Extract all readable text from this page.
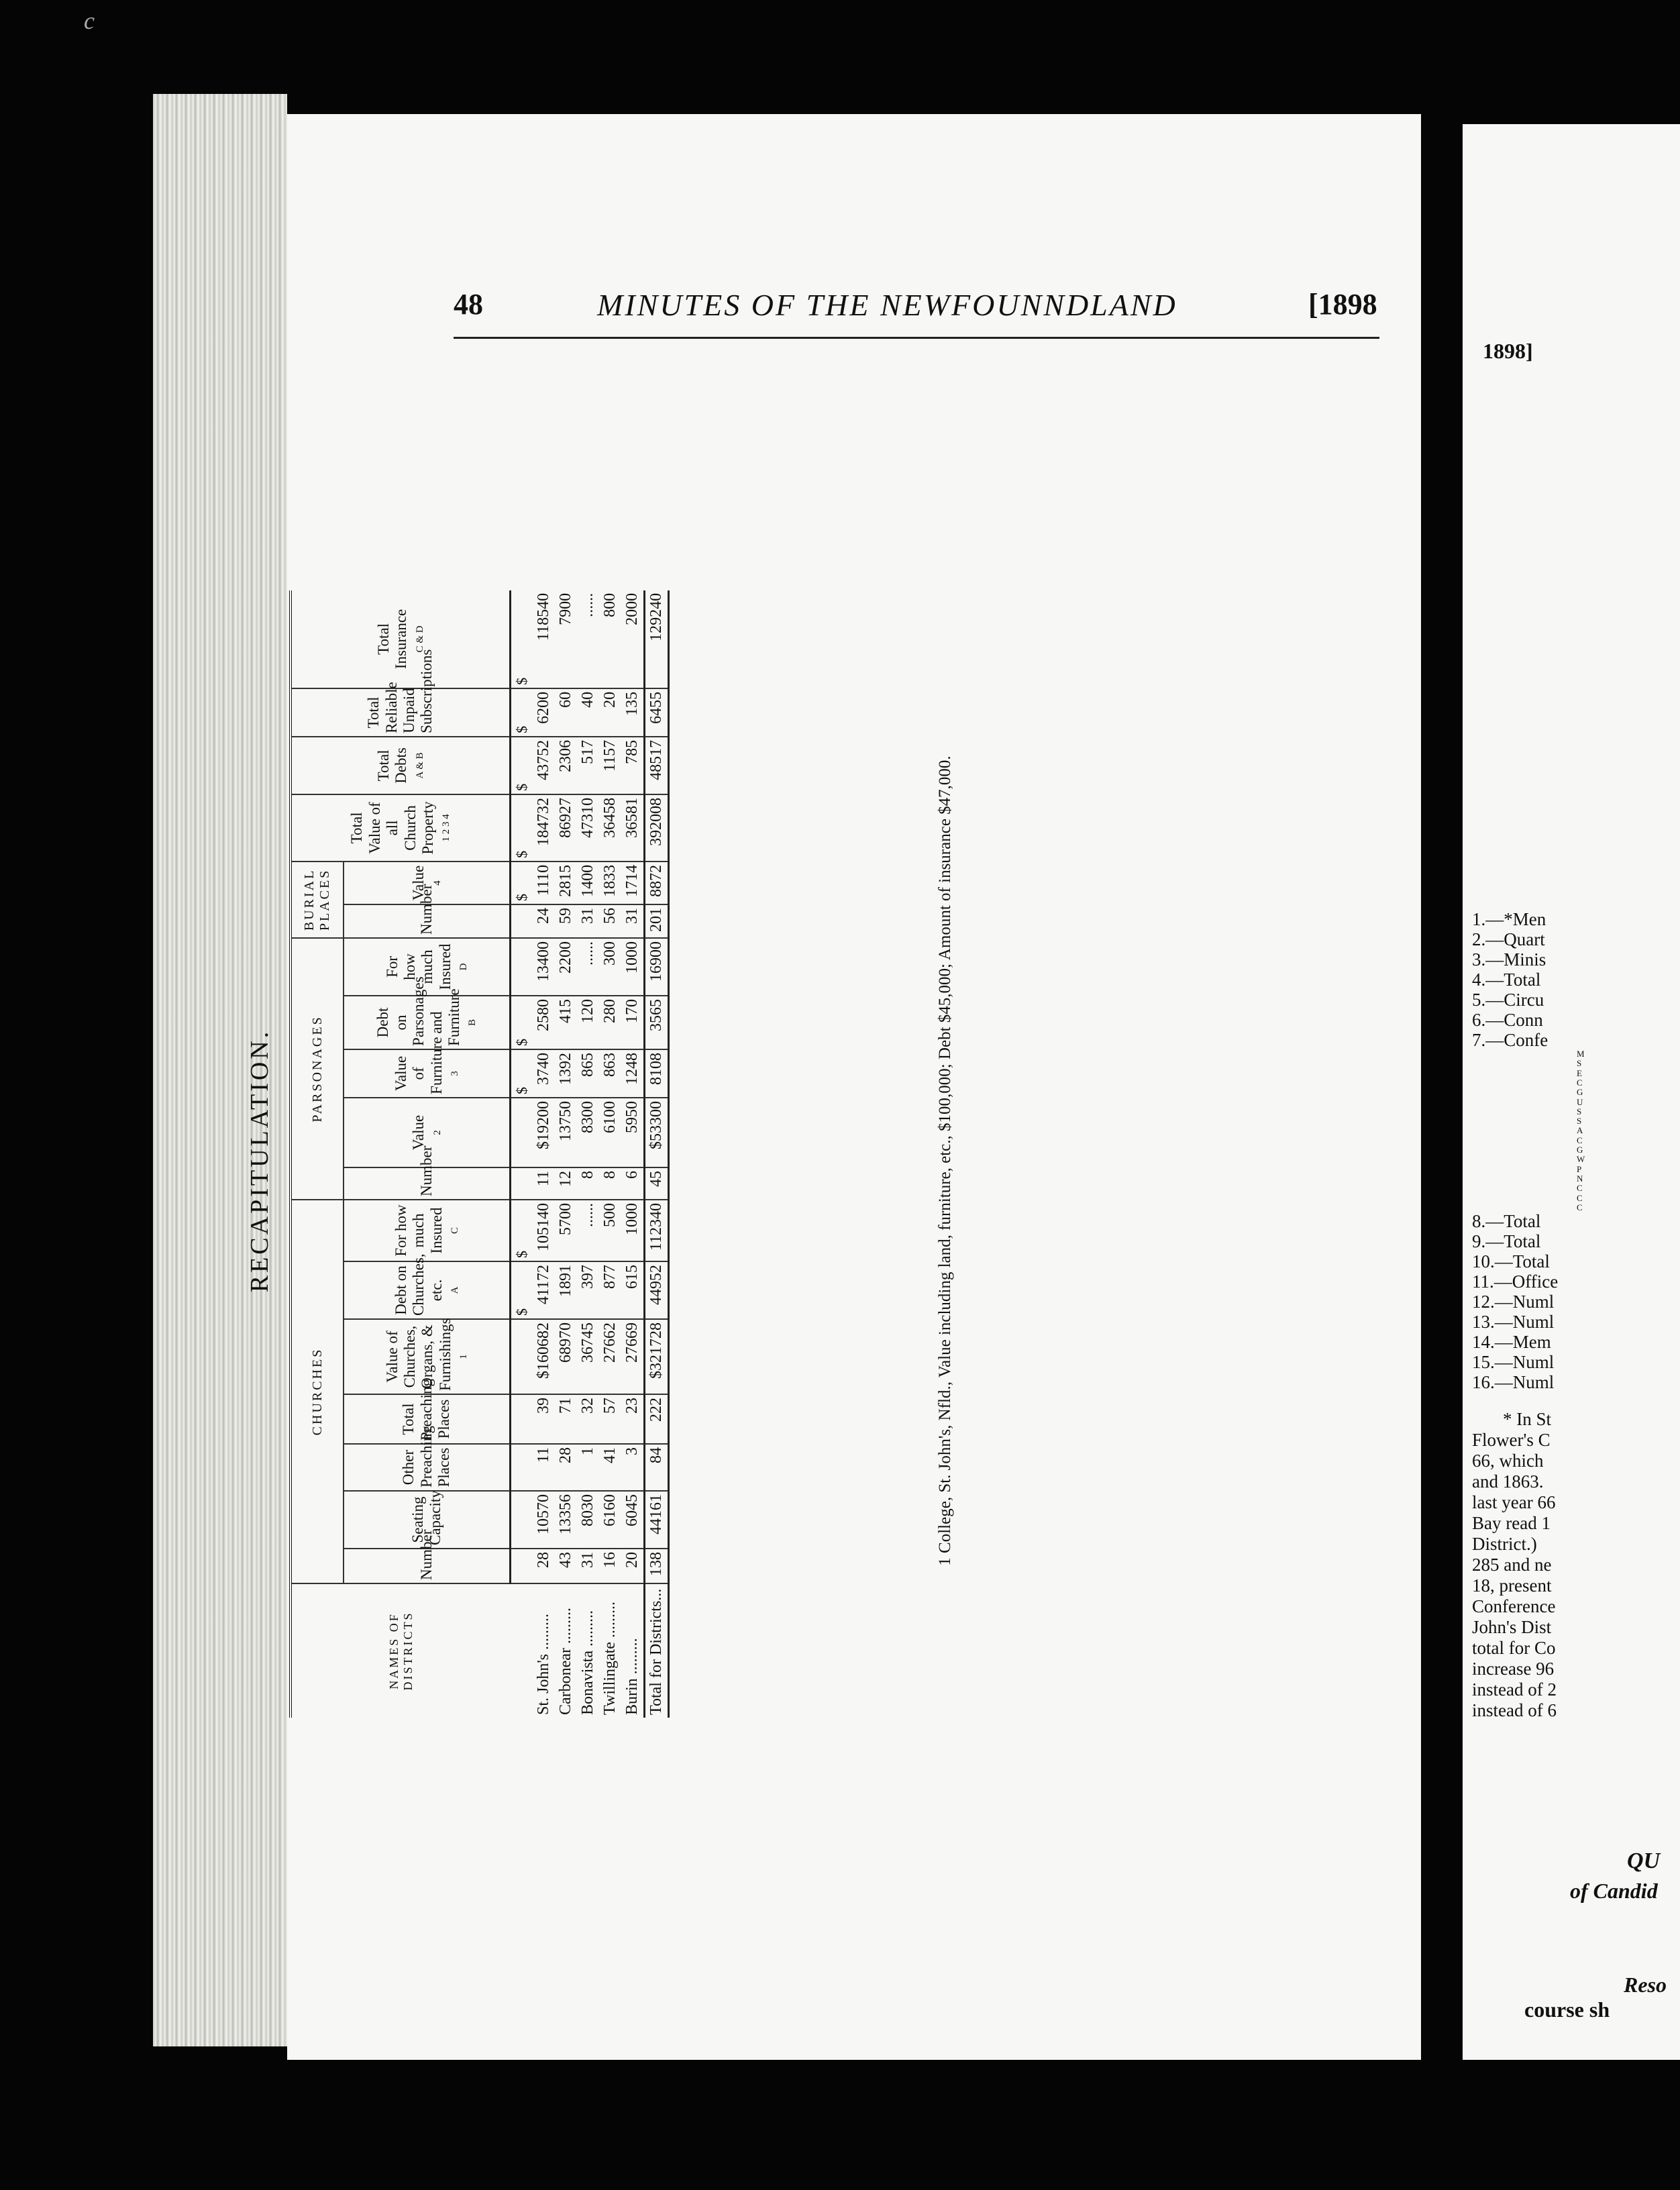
c
48	MINUTES OF THE NEWFOUNNDLAND	[1898
RECAPITULATION.
NAMES OF
DISTRICTS	CHURCHES							PARSONAGES					BURIAL PLACES		Total Value of all Church Property 1 2 3 4	Total Debts A & B	Total Reliable Unpaid Subscriptions	Total Insurance C & D

	Number	Seating Capacity	Other Preaching Places	Total Preaching Places	Value of Churches, Organs, & Furnishings 1	Debt on Churches, etc. A	For how much Insured C	Number	Value 2	Value of Furniture 3	Debt on Parsonages and Furniture B	For how much Insured D	Number	Value 4				

						$	$			$	$			$	$	$	$	$
St. John's .........	28	10570	11	39	$160682	41172	105140	11	$19200	3740	2580	13400	24	1110	184732	43752	6200	118540
Carbonear .........	43	13356	28	71	68970	1891	5700	12	13750	1392	415	2200	59	2815	86927	2306	60	7900
Bonavista .........	31	8030	1	32	36745	397	......	8	8300	865	120	......	31	1400	47310	517	40	......
Twillingate .........	16	6160	41	57	27662	877	500	8	6100	863	280	300	56	1833	36458	1157	20	800
Burin .........	20	6045	3	23	27669	615	1000	6	5950	1248	170	1000	31	1714	36581	785	135	2000
Total for Districts...	138	44161	84	222	$321728	44952	112340	45	$53300	8108	3565	16900	201	8872	392008	48517	6455	129240
1 College, St. John's, Nfld., Value including land, furniture, etc., $100,000; Debt $45,000; Amount of insurance $47,000.
1898]
1.—*Men
2.—Quart
3.—Minis
4.—Total
5.—Circu
6.—Conn
7.—Confe
8.—Total
9.—Total
10.—Total
11.—Office
12.—Numl
13.—Numl
14.—Mem
15.—Numl
16.—Numl
M
S
E
C
G
U
S
S
A
C
G
W
P
N
C
C
C
* In St
Flower's C
66, which
and 1863.
last year 66
Bay read 1
District.)
285 and ne
18, present
Conference
John's Dist
total for Co
increase 96
instead of 2
instead of 6
QU
of Candid
Reso
course sh
